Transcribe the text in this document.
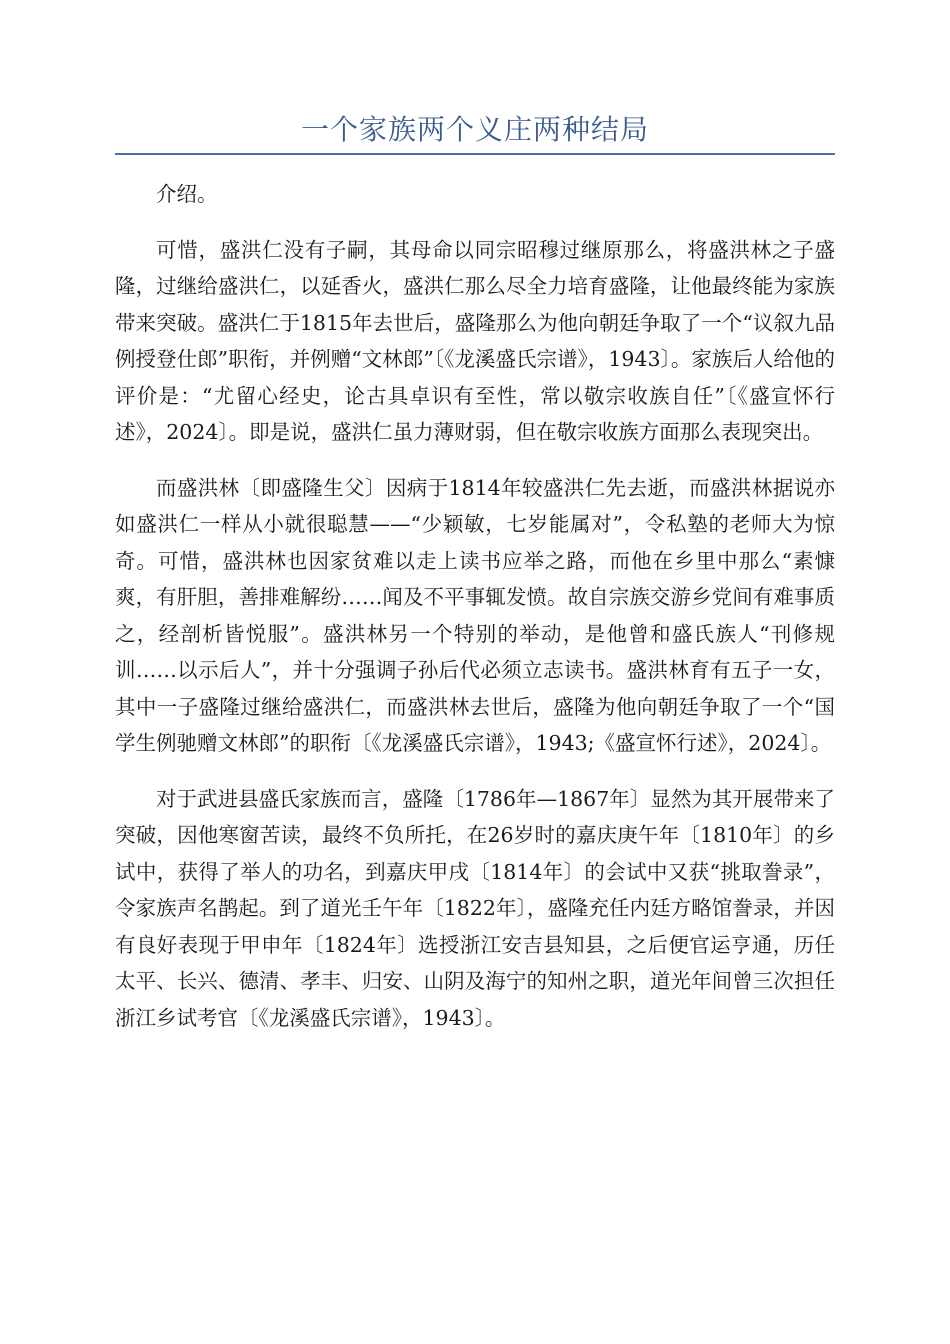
一个家族两个义庄两种结局

介绍。

可惜，盛洪仁没有子嗣，其母命以同宗昭穆过继原那么，将盛洪林之子盛隆，过继给盛洪仁，以延香火，盛洪仁那么尽全力培育盛隆，让他最终能为家族带来突破。盛洪仁于1815年去世后，盛隆那么为他向朝廷争取了一个“议叙九品例授登仕郎”职衔，并例赠“文林郎”〔《龙溪盛氏宗谱》，1943〕。家族后人给他的评价是：“尤留心经史，论古具卓识有至性，常以敬宗收族自任”〔《盛宣怀行述》，2024〕。即是说，盛洪仁虽力薄财弱，但在敬宗收族方面那么表现突出。

而盛洪林〔即盛隆生父〕因病于1814年较盛洪仁先去逝，而盛洪林据说亦如盛洪仁一样从小就很聪慧——“少颖敏，七岁能属对”，令私塾的老师大为惊奇。可惜，盛洪林也因家贫难以走上读书应举之路，而他在乡里中那么“素慷爽，有肝胆，善排难解纷……闻及不平事辄发愤。故自宗族交游乡党间有难事质之，经剖析皆悦服”。盛洪林另一个特别的举动，是他曾和盛氏族人“刊修规训……以示后人”，并十分强调子孙后代必须立志读书。盛洪林育有五子一女，其中一子盛隆过继给盛洪仁，而盛洪林去世后，盛隆为他向朝廷争取了一个“国学生例驰赠文林郎”的职衔〔《龙溪盛氏宗谱》，1943;《盛宣怀行述》，2024〕。

对于武进县盛氏家族而言，盛隆〔1786年—1867年〕显然为其开展带来了突破，因他寒窗苦读，最终不负所托，在26岁时的嘉庆庚午年〔1810年〕的乡试中，获得了举人的功名，到嘉庆甲戌〔1814年〕的会试中又获“挑取誊录”，令家族声名鹊起。到了道光壬午年〔1822年〕，盛隆充任内廷方略馆誊录，并因有良好表现于甲申年〔1824年〕选授浙江安吉县知县，之后便官运亨通，历任太平、长兴、德清、孝丰、归安、山阴及海宁的知州之职，道光年间曾三次担任浙江乡试考官〔《龙溪盛氏宗谱》，1943〕。
